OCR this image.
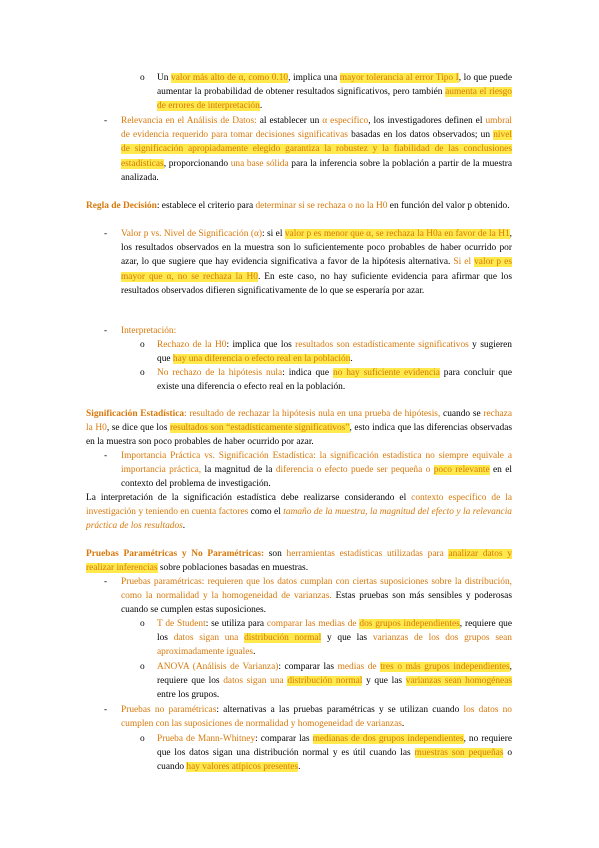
o	Un valor más alto de α, como 0.10, implica una mayor tolerancia al error Tipo I, lo que puede aumentar la probabilidad de obtener resultados significativos, pero también aumenta el riesgo de errores de interpretación.

-	Relevancia en el Análisis de Datos: al establecer un α específico, los investigadores definen el umbral de evidencia requerido para tomar decisiones significativas basadas en los datos observados; un nivel de significación apropiadamente elegido garantiza la robustez y la fiabilidad de las conclusiones estadísticas, proporcionando una base sólida para la inferencia sobre la población a partir de la muestra analizada.

Regla de Decisión: establece el criterio para determinar si se rechaza o no la H0 en función del valor p obtenido.

-	Valor p vs. Nivel de Significación (α): si el valor p es menor que α, se rechaza la H0a en favor de la H1, los resultados observados en la muestra son lo suficientemente poco probables de haber ocurrido por azar, lo que sugiere que hay evidencia significativa a favor de la hipótesis alternativa. Si el valor p es mayor que α, no se rechaza la H0. En este caso, no hay suficiente evidencia para afirmar que los resultados observados difieren significativamente de lo que se esperaría por azar.

-	Interpretación:

o	Rechazo de la H0: implica que los resultados son estadísticamente significativos y sugieren que hay una diferencia o efecto real en la población.

o	No rechazo de la hipótesis nula: indica que no hay suficiente evidencia para concluir que existe una diferencia o efecto real en la población.

Significación Estadística: resultado de rechazar la hipótesis nula en una prueba de hipótesis, cuando se rechaza la H0, se dice que los resultados son “estadísticamente significativos”, esto indica que las diferencias observadas en la muestra son poco probables de haber ocurrido por azar.

-	Importancia Práctica vs. Significación Estadística: la significación estadística no siempre equivale a importancia práctica, la magnitud de la diferencia o efecto puede ser pequeña o poco relevante en el contexto del problema de investigación.

La interpretación de la significación estadística debe realizarse considerando el contexto específico de la investigación y teniendo en cuenta factores como el tamaño de la muestra, la magnitud del efecto y la relevancia práctica de los resultados.

Pruebas Paramétricas y No Paramétricas: son herramientas estadísticas utilizadas para analizar datos y realizar inferencias sobre poblaciones basadas en muestras.

-	Pruebas paramétricas: requieren que los datos cumplan con ciertas suposiciones sobre la distribución, como la normalidad y la homogeneidad de varianzas. Estas pruebas son más sensibles y poderosas cuando se cumplen estas suposiciones.

o	T de Student: se utiliza para comparar las medias de dos grupos independientes, requiere que los datos sigan una distribución normal y que las varianzas de los dos grupos sean aproximadamente iguales.

o	ANOVA (Análisis de Varianza): comparar las medias de tres o más grupos independientes, requiere que los datos sigan una distribución normal y que las varianzas sean homogéneas entre los grupos.

-	Pruebas no paramétricas: alternativas a las pruebas paramétricas y se utilizan cuando los datos no cumplen con las suposiciones de normalidad y homogeneidad de varianzas.

o	Prueba de Mann-Whitney: comparar las medianas de dos grupos independientes, no requiere que los datos sigan una distribución normal y es útil cuando las muestras son pequeñas o cuando hay valores atípicos presentes.
